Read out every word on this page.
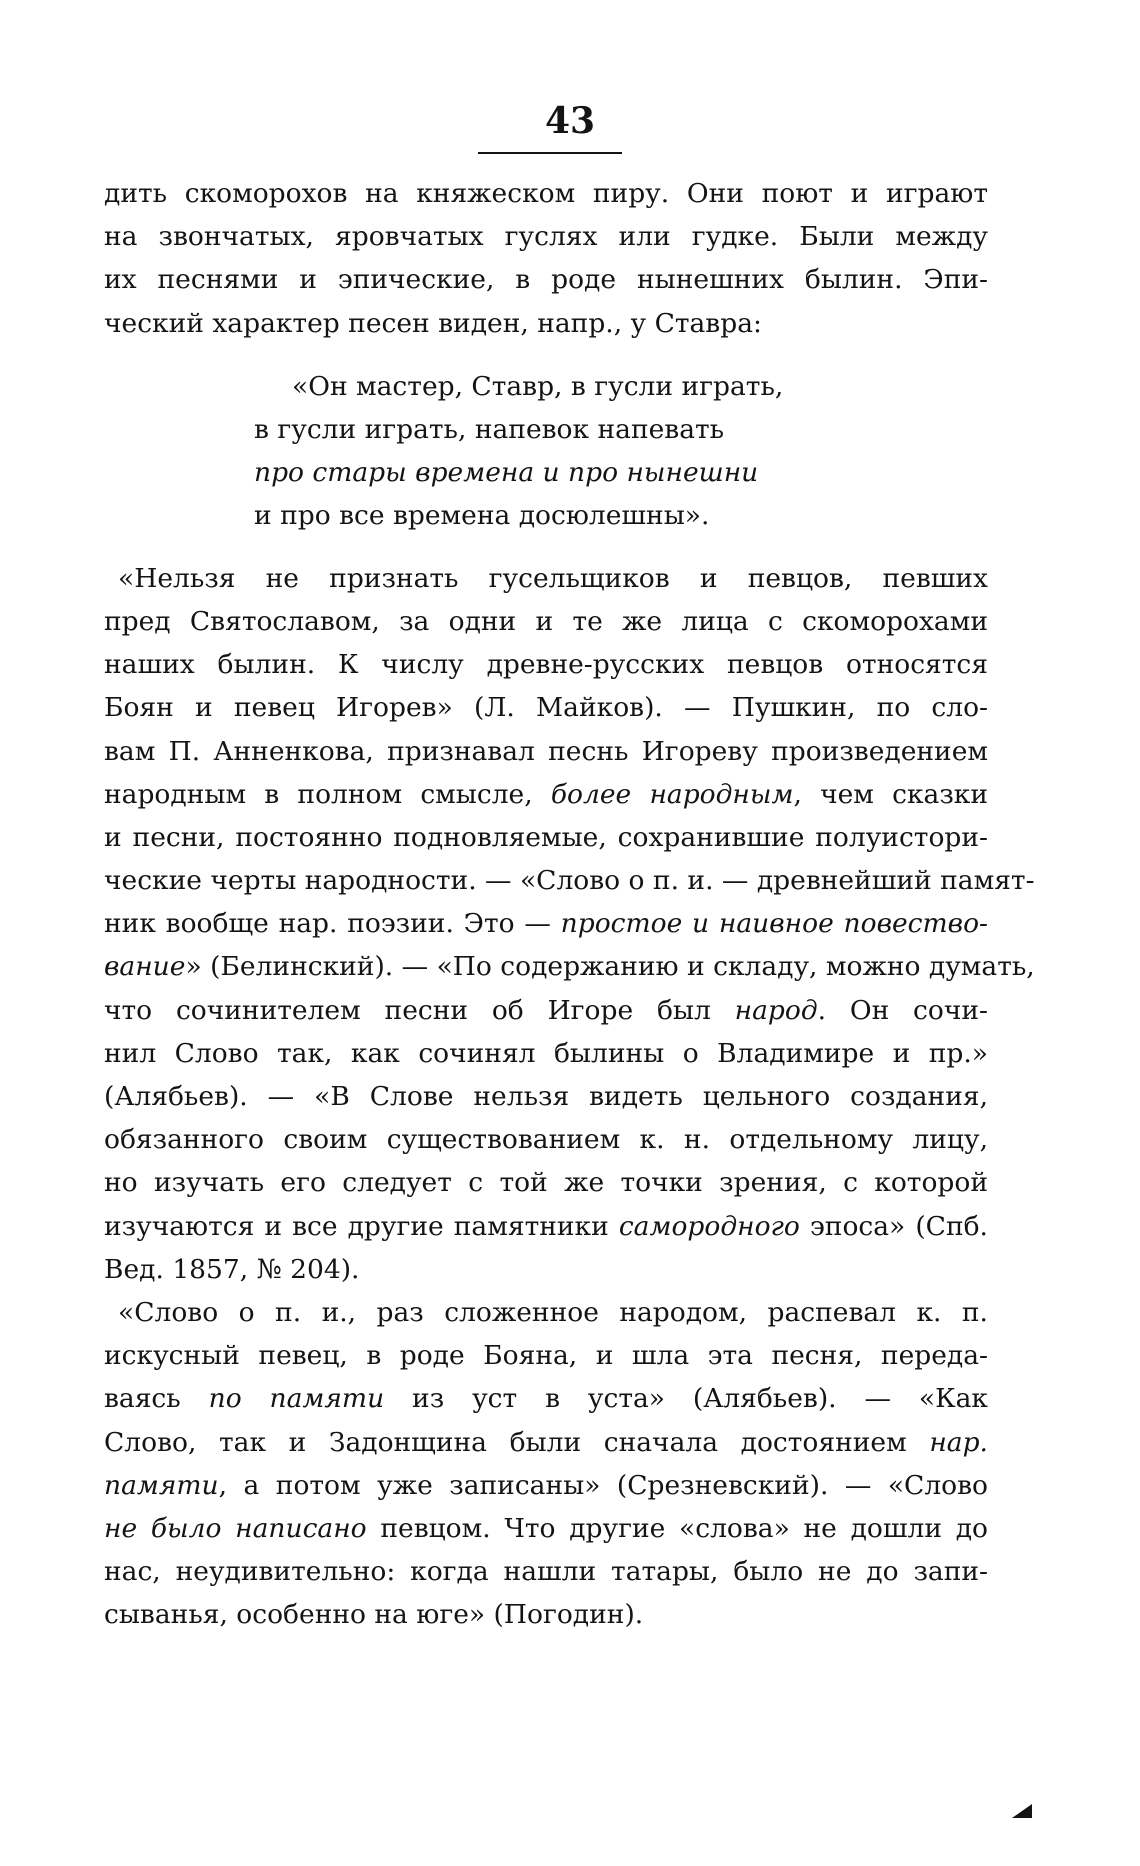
43
дить скоморохов на княжеском пиру. Они поют и играют
на звончатых, яровчатых гуслях или гудке. Были между
их песнями и эпические, в роде нынешних былин. Эпи-
ческий характер песен виден, напр., у Ставра:
«Он мастер, Ставр, в гусли играть,
в гусли играть, напевок напевать
про стары времена и про нынешни
и про все времена досюлешны».
«Нельзя не признать гусельщиков и певцов, певших
пред Святославом, за одни и те же лица с скоморохами
наших былин. К числу древне-русских певцов относятся
Боян и певец Игорев» (Л. Майков). — Пушкин, по сло-
вам П. Анненкова, признавал песнь Игореву произведением
народным в полном смысле, более народным, чем сказки
и песни, постоянно подновляемые, сохранившие полуистори-
ческие черты народности. — «Слово о п. и. — древнейший памят-
ник вообще нар. поэзии. Это — простое и наивное повество-
вание» (Белинский). — «По содержанию и складу, можно думать,
что сочинителем песни об Игоре был народ. Он сочи-
нил Слово так, как сочинял былины о Владимире и пр.»
(Алябьев). — «В Слове нельзя видеть цельного создания,
обязанного своим существованием к. н. отдельному лицу,
но изучать его следует с той же точки зрения, с которой
изучаются и все другие памятники самородного эпоса» (Спб.
Вед. 1857, № 204).
«Слово о п. и., раз сложенное народом, распевал к. п.
искусный певец, в роде Бояна, и шла эта песня, переда-
ваясь по памяти из уст в уста» (Алябьев). — «Как
Слово, так и Задонщина были сначала достоянием нар.
памяти, а потом уже записаны» (Срезневский). — «Слово
не было написано певцом. Что другие «слова» не дошли до
нас, неудивительно: когда нашли татары, было не до запи-
сыванья, особенно на юге» (Погодин).
